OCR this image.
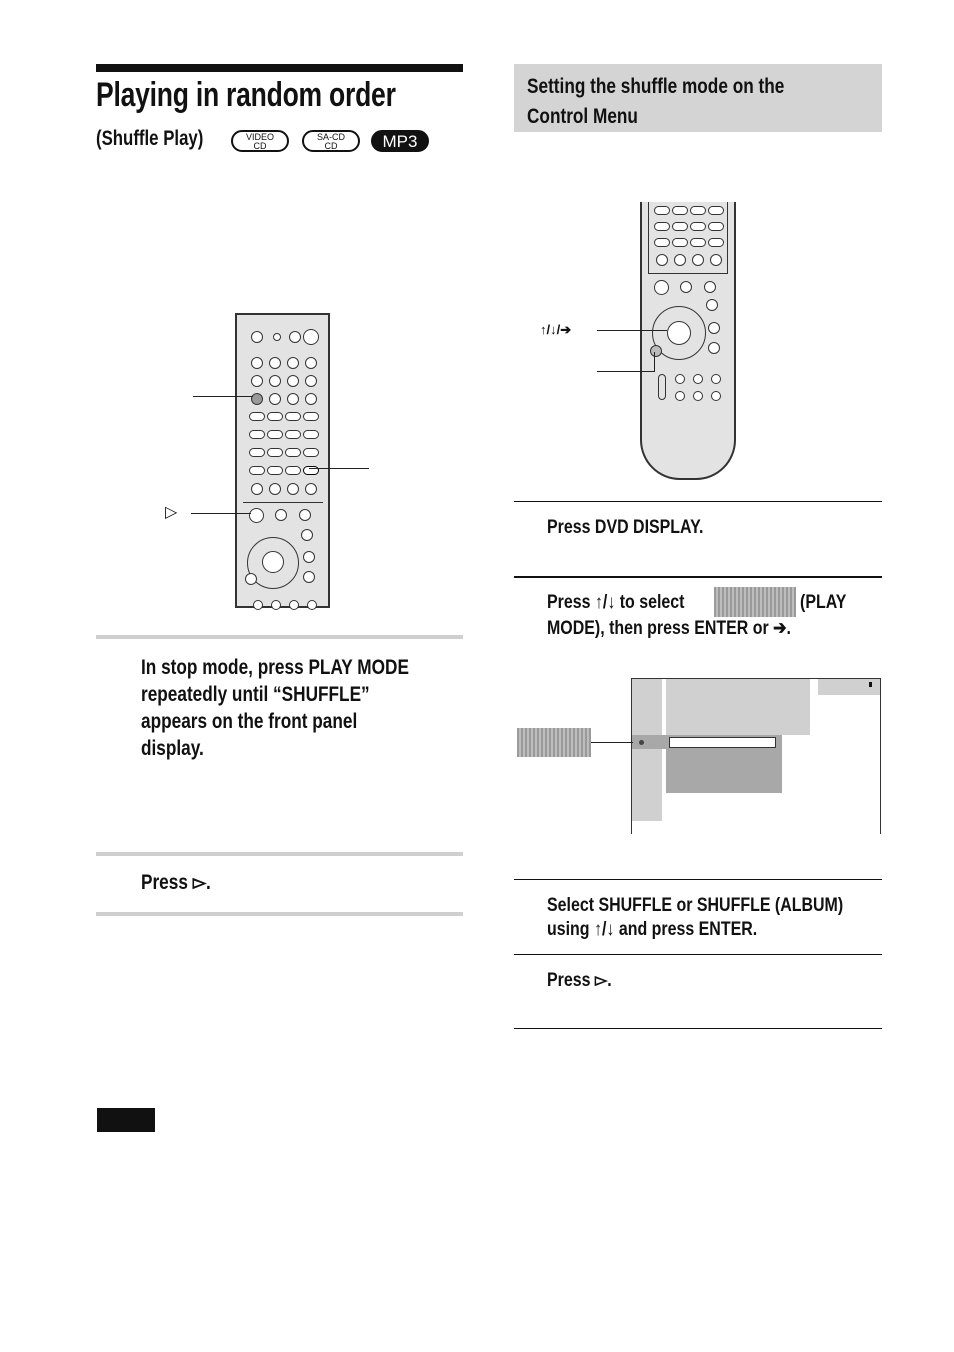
Playing in random order
(Shuffle Play)	VIDEO
CD
SA-CD
CD	MP3
▷
In stop mode, press PLAY MODE
repeatedly until “SHUFFLE”
appears on the front panel
display.
Press ▻.
Setting the shuffle mode on the
Control Menu
↑/↓/➔
Press DVD DISPLAY.
Press ↑/↓ to select	(PLAY
MODE), then press ENTER or ➔.
Select SHUFFLE or SHUFFLE (ALBUM)
using ↑/↓ and press ENTER.
Press ▻.
